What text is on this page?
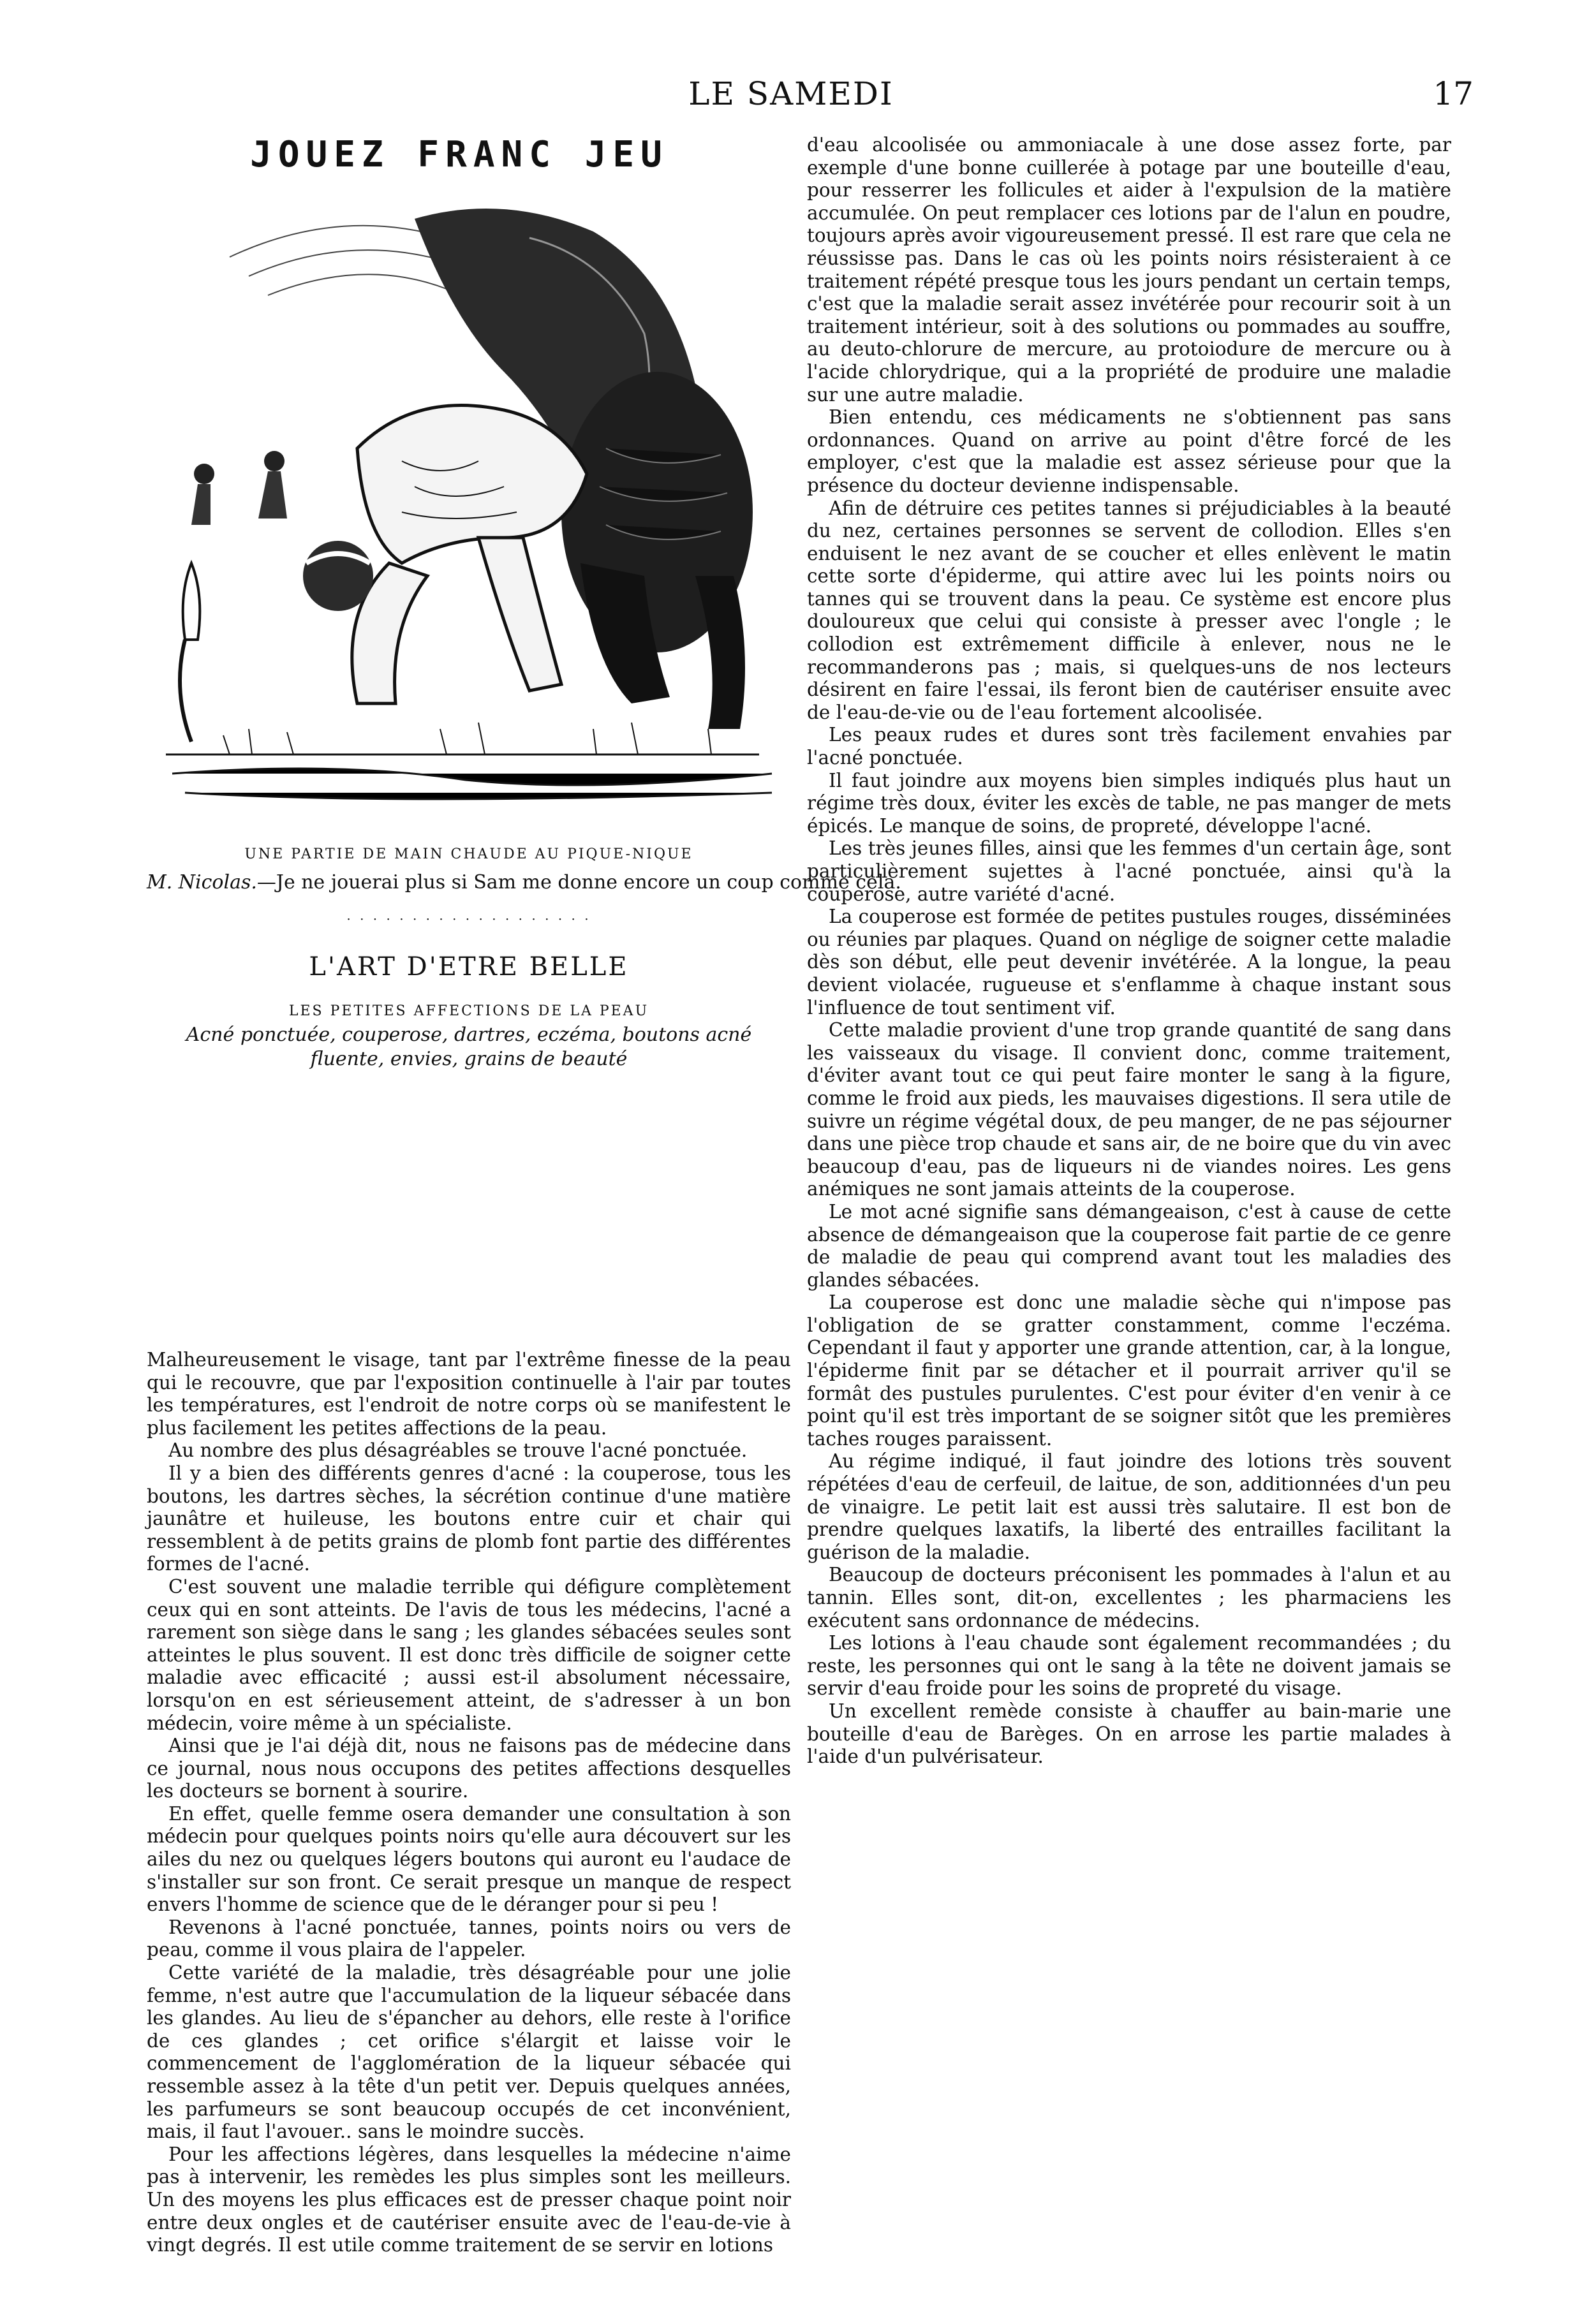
LE SAMEDI	17
JOUEZ FRANC JEU
UNE PARTIE DE MAIN CHAUDE AU PIQUE-NIQUE
M. Nicolas.—Je ne jouerai plus si Sam me donne encore un coup comme cela.
· · · · · · · · · · · · · · · · · · ·
L'ART D'ETRE BELLE
LES PETITES AFFECTIONS DE LA PEAU
Acné ponctuée, couperose, dartres, eczéma, boutons acné fluente, envies, grains de beauté

Malheureusement le visage, tant par l'extrême finesse de la peau qui le recouvre, que par l'exposition continuelle à l'air par toutes les températures, est l'endroit de notre corps où se manifestent le plus facilement les petites affections de la peau.

Au nombre des plus désagréables se trouve l'acné ponctuée.

Il y a bien des différents genres d'acné : la couperose, tous les boutons, les dartres sèches, la sécrétion continue d'une matière jaunâtre et huileuse, les boutons entre cuir et chair qui ressemblent à de petits grains de plomb font partie des différentes formes de l'acné.

C'est souvent une maladie terrible qui défigure complètement ceux qui en sont atteints. De l'avis de tous les médecins, l'acné a rarement son siège dans le sang ; les glandes sébacées seules sont atteintes le plus souvent. Il est donc très difficile de soigner cette maladie avec efficacité ; aussi est-il absolument nécessaire, lorsqu'on en est sérieusement atteint, de s'adresser à un bon médecin, voire même à un spécialiste.

Ainsi que je l'ai déjà dit, nous ne faisons pas de médecine dans ce journal, nous nous occupons des petites affections desquelles les docteurs se bornent à sourire.

En effet, quelle femme osera demander une consultation à son médecin pour quelques points noirs qu'elle aura découvert sur les ailes du nez ou quelques légers boutons qui auront eu l'audace de s'installer sur son front. Ce serait presque un manque de respect envers l'homme de science que de le déranger pour si peu !

Revenons à l'acné ponctuée, tannes, points noirs ou vers de peau, comme il vous plaira de l'appeler.

Cette variété de la maladie, très désagréable pour une jolie femme, n'est autre que l'accumulation de la liqueur sébacée dans les glandes. Au lieu de s'épancher au dehors, elle reste à l'orifice de ces glandes ; cet orifice s'élargit et laisse voir le commencement de l'agglomération de la liqueur sébacée qui ressemble assez à la tête d'un petit ver. Depuis quelques années, les parfumeurs se sont beaucoup occupés de cet inconvénient, mais, il faut l'avouer.. sans le moindre succès.

Pour les affections légères, dans lesquelles la médecine n'aime pas à intervenir, les remèdes les plus simples sont les meilleurs. Un des moyens les plus efficaces est de presser chaque point noir entre deux ongles et de cautériser ensuite avec de l'eau-de-vie à vingt degrés. Il est utile comme traitement de se servir en lotions

d'eau alcoolisée ou ammoniacale à une dose assez forte, par exemple d'une bonne cuillerée à potage par une bouteille d'eau, pour resserrer les follicules et aider à l'expulsion de la matière accumulée. On peut remplacer ces lotions par de l'alun en poudre, toujours après avoir vigoureusement pressé. Il est rare que cela ne réussisse pas. Dans le cas où les points noirs résisteraient à ce traitement répété presque tous les jours pendant un certain temps, c'est que la maladie serait assez invétérée pour recourir soit à un traitement intérieur, soit à des solutions ou pommades au souffre, au deuto-chlorure de mercure, au protoiodure de mercure ou à l'acide chlorydrique, qui a la propriété de produire une maladie sur une autre maladie.

Bien entendu, ces médicaments ne s'obtiennent pas sans ordonnances. Quand on arrive au point d'être forcé de les employer, c'est que la maladie est assez sérieuse pour que la présence du docteur devienne indispensable.

Afin de détruire ces petites tannes si préjudiciables à la beauté du nez, certaines personnes se servent de collodion. Elles s'en enduisent le nez avant de se coucher et elles enlèvent le matin cette sorte d'épiderme, qui attire avec lui les points noirs ou tannes qui se trouvent dans la peau. Ce système est encore plus douloureux que celui qui consiste à presser avec l'ongle ; le collodion est extrêmement difficile à enlever, nous ne le recommanderons pas ; mais, si quelques-uns de nos lecteurs désirent en faire l'essai, ils feront bien de cautériser ensuite avec de l'eau-de-vie ou de l'eau fortement alcoolisée.

Les peaux rudes et dures sont très facilement envahies par l'acné ponctuée.

Il faut joindre aux moyens bien simples indiqués plus haut un régime très doux, éviter les excès de table, ne pas manger de mets épicés. Le manque de soins, de propreté, développe l'acné.

Les très jeunes filles, ainsi que les femmes d'un certain âge, sont particulièrement sujettes à l'acné ponctuée, ainsi qu'à la couperose, autre variété d'acné.

La couperose est formée de petites pustules rouges, disséminées ou réunies par plaques. Quand on néglige de soigner cette maladie dès son début, elle peut devenir invétérée. A la longue, la peau devient violacée, rugueuse et s'enflamme à chaque instant sous l'influence de tout sentiment vif.

Cette maladie provient d'une trop grande quantité de sang dans les vaisseaux du visage. Il convient donc, comme traitement, d'éviter avant tout ce qui peut faire monter le sang à la figure, comme le froid aux pieds, les mauvaises digestions. Il sera utile de suivre un régime végétal doux, de peu manger, de ne pas séjourner dans une pièce trop chaude et sans air, de ne boire que du vin avec beaucoup d'eau, pas de liqueurs ni de viandes noires. Les gens anémiques ne sont jamais atteints de la couperose.

Le mot acné signifie sans démangeaison, c'est à cause de cette absence de démangeaison que la couperose fait partie de ce genre de maladie de peau qui comprend avant tout les maladies des glandes sébacées.

La couperose est donc une maladie sèche qui n'impose pas l'obligation de se gratter constamment, comme l'eczéma. Cependant il faut y apporter une grande attention, car, à la longue, l'épiderme finit par se détacher et il pourrait arriver qu'il se formât des pustules purulentes. C'est pour éviter d'en venir à ce point qu'il est très important de se soigner sitôt que les premières taches rouges paraissent.

Au régime indiqué, il faut joindre des lotions très souvent répétées d'eau de cerfeuil, de laitue, de son, additionnées d'un peu de vinaigre. Le petit lait est aussi très salutaire. Il est bon de prendre quelques laxatifs, la liberté des entrailles facilitant la guérison de la maladie.

Beaucoup de docteurs préconisent les pommades à l'alun et au tannin. Elles sont, dit-on, excellentes ; les pharmaciens les exécutent sans ordonnance de médecins.

Les lotions à l'eau chaude sont également recommandées ; du reste, les personnes qui ont le sang à la tête ne doivent jamais se servir d'eau froide pour les soins de propreté du visage.

Un excellent remède consiste à chauffer au bain-marie une bouteille d'eau de Barèges. On en arrose les partie malades à l'aide d'un pulvérisateur.
